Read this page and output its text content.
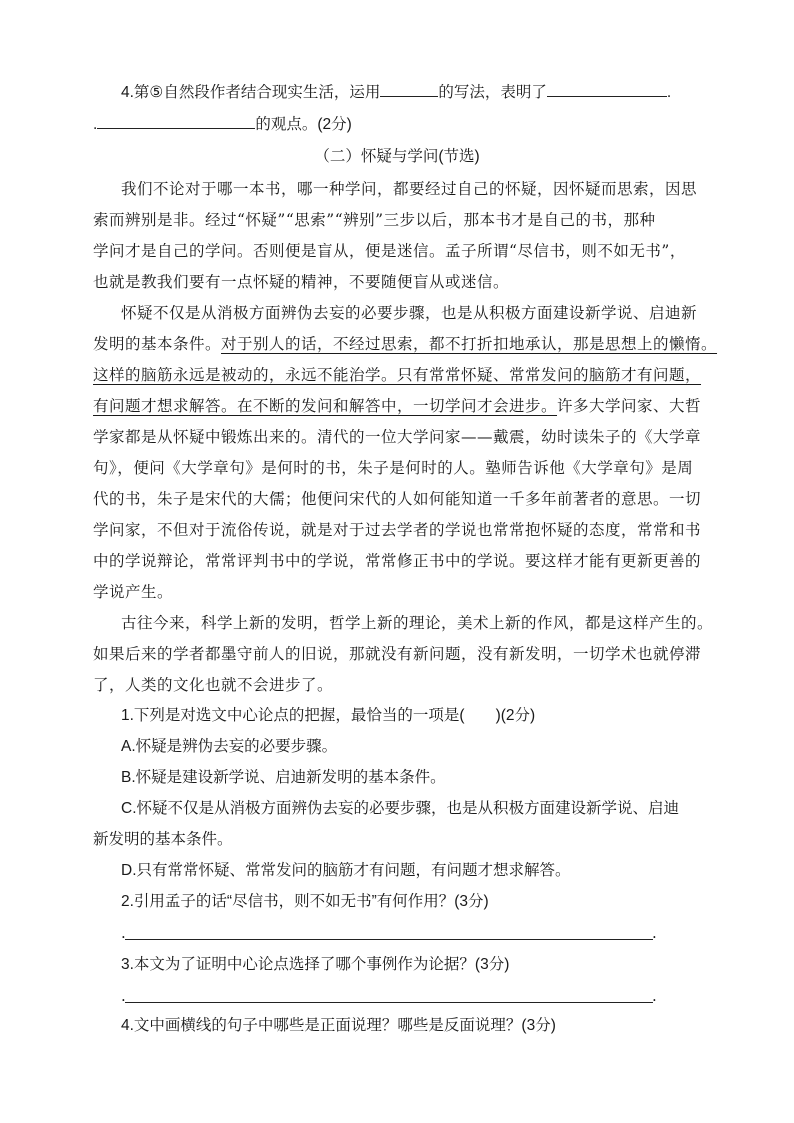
4.第⑤自然段作者结合现实生活，运用	的写法，表明了	.
.	的观点。(2分)
（二）怀疑与学问(节选)
我们不论对于哪一本书，哪一种学问，都要经过自己的怀疑，因怀疑而思索，因思
索而辨别是非。经过“怀疑”“思索”“辨别”三步以后，那本书才是自己的书，那种
学问才是自己的学问。否则便是盲从，便是迷信。孟子所谓“尽信书，则不如无书”，
也就是教我们要有一点怀疑的精神，不要随便盲从或迷信。
怀疑不仅是从消极方面辨伪去妄的必要步骤，也是从积极方面建设新学说、启迪新
发明的基本条件。对于别人的话，不经过思索，都不打折扣地承认，那是思想上的懒惰。
这样的脑筋永远是被动的，永远不能治学。只有常常怀疑、常常发问的脑筋才有问题，
有问题才想求解答。在不断的发问和解答中，一切学问才会进步。许多大学问家、大哲
学家都是从怀疑中锻炼出来的。清代的一位大学问家——戴震，幼时读朱子的《大学章
句》，便问《大学章句》是何时的书，朱子是何时的人。塾师告诉他《大学章句》是周
代的书，朱子是宋代的大儒；他便问宋代的人如何能知道一千多年前著者的意思。一切
学问家，不但对于流俗传说，就是对于过去学者的学说也常常抱怀疑的态度，常常和书
中的学说辩论，常常评判书中的学说，常常修正书中的学说。要这样才能有更新更善的
学说产生。
古往今来，科学上新的发明，哲学上新的理论，美术上新的作风，都是这样产生的。
如果后来的学者都墨守前人的旧说，那就没有新问题，没有新发明，一切学术也就停滞
了，人类的文化也就不会进步了。
1.下列是对选文中心论点的把握，最恰当的一项是(　　)(2分)
A.怀疑是辨伪去妄的必要步骤。
B.怀疑是建设新学说、启迪新发明的基本条件。
C.怀疑不仅是从消极方面辨伪去妄的必要步骤，也是从积极方面建设新学说、启迪
新发明的基本条件。
D.只有常常怀疑、常常发问的脑筋才有问题，有问题才想求解答。
2.引用孟子的话“尽信书，则不如无书”有何作用？(3分)
.	.
3.本文为了证明中心论点选择了哪个事例作为论据？(3分)
.	.
4.文中画横线的句子中哪些是正面说理？哪些是反面说理？(3分)
